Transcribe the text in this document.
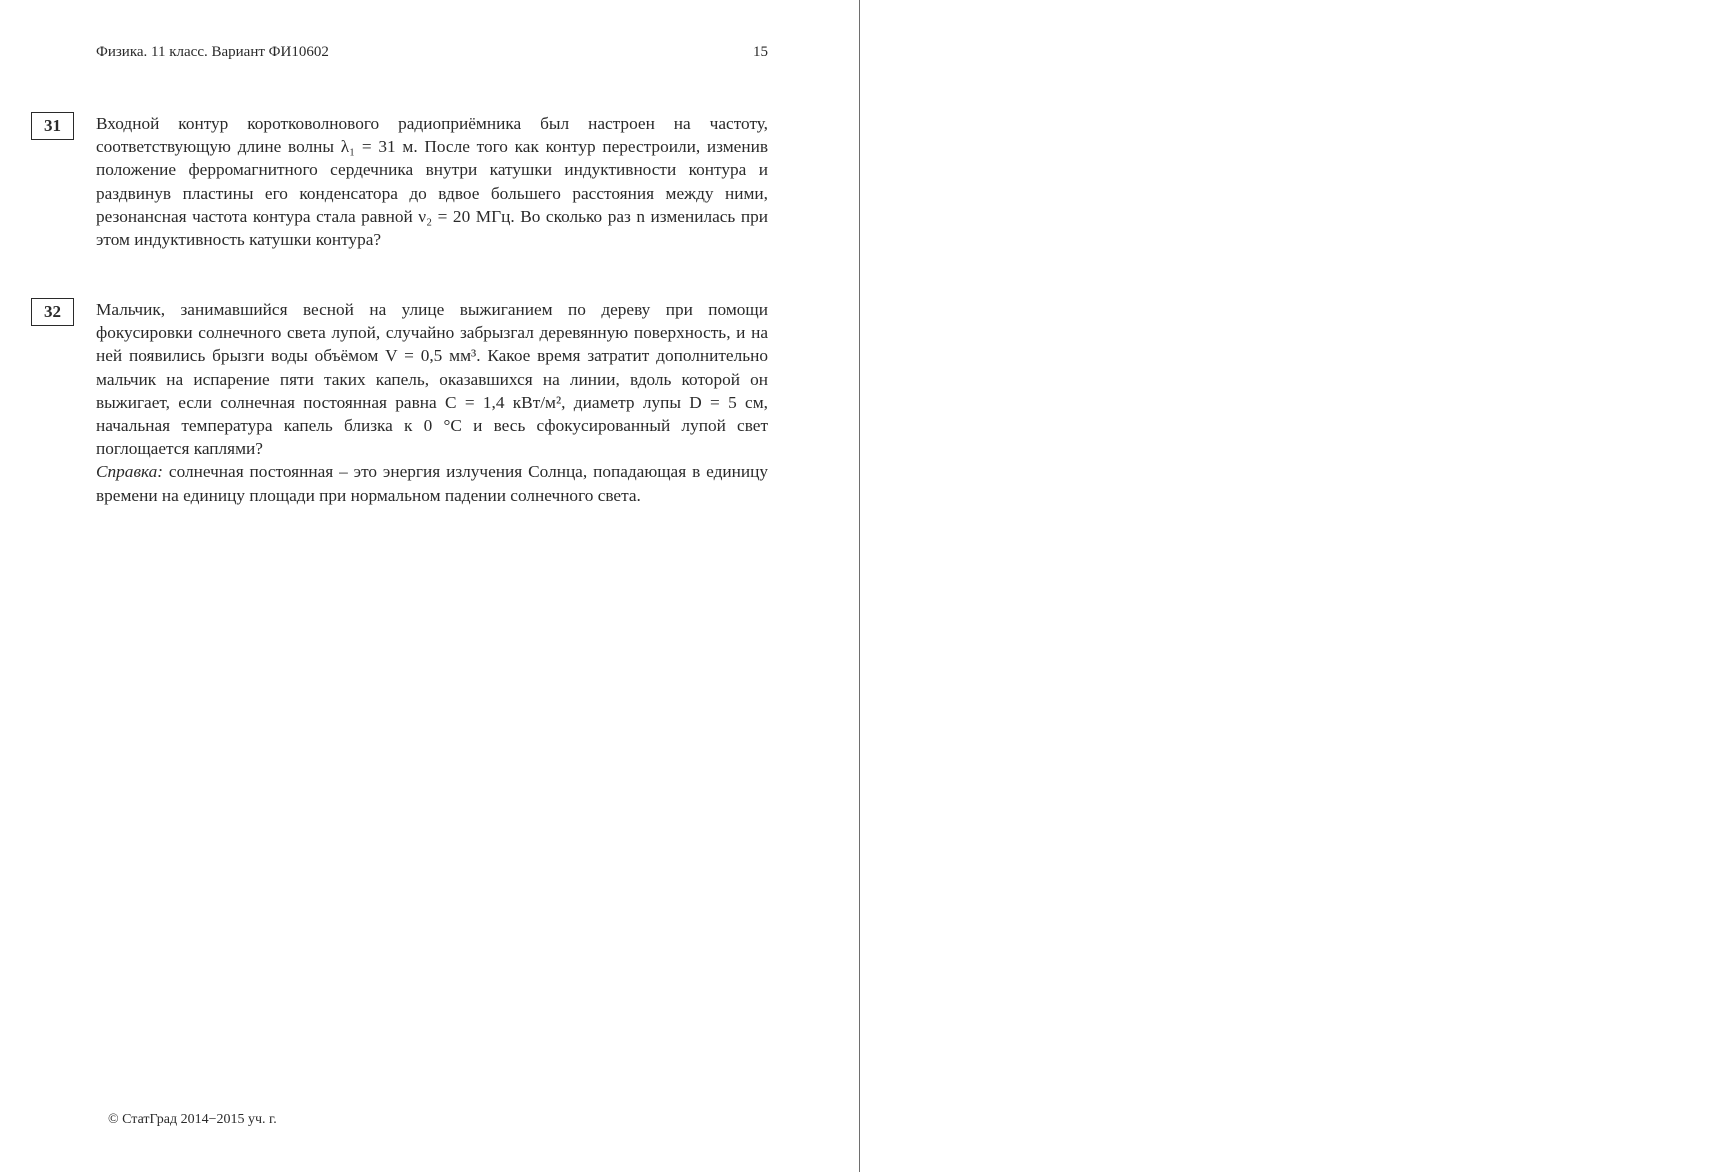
Физика. 11 класс. Вариант ФИ10602	15
31	Входной контур коротковолнового радиоприёмника был настроен на частоту, соответствующую длине волны λ₁ = 31 м. После того как контур перестроили, изменив положение ферромагнитного сердечника внутри катушки индуктивности контура и раздвинув пластины его конденсатора до вдвое большего расстояния между ними, резонансная частота контура стала равной ν₂ = 20 МГц. Во сколько раз n изменилась при этом индуктивность катушки контура?

32	Мальчик, занимавшийся весной на улице выжиганием по дереву при помощи фокусировки солнечного света лупой, случайно забрызгал деревянную поверхность, и на ней появились брызги воды объёмом V = 0,5 мм³. Какое время затратит дополнительно мальчик на испарение пяти таких капель, оказавшихся на линии, вдоль которой он выжигает, если солнечная постоянная равна C = 1,4 кВт/м², диаметр лупы D = 5 см, начальная температура капель близка к 0 °C и весь сфокусированный лупой свет поглощается каплями?

Справка: солнечная постоянная – это энергия излучения Солнца, попадающая в единицу времени на единицу площади при нормальном падении солнечного света.

© СтатГрад 2014−2015 уч. г.
